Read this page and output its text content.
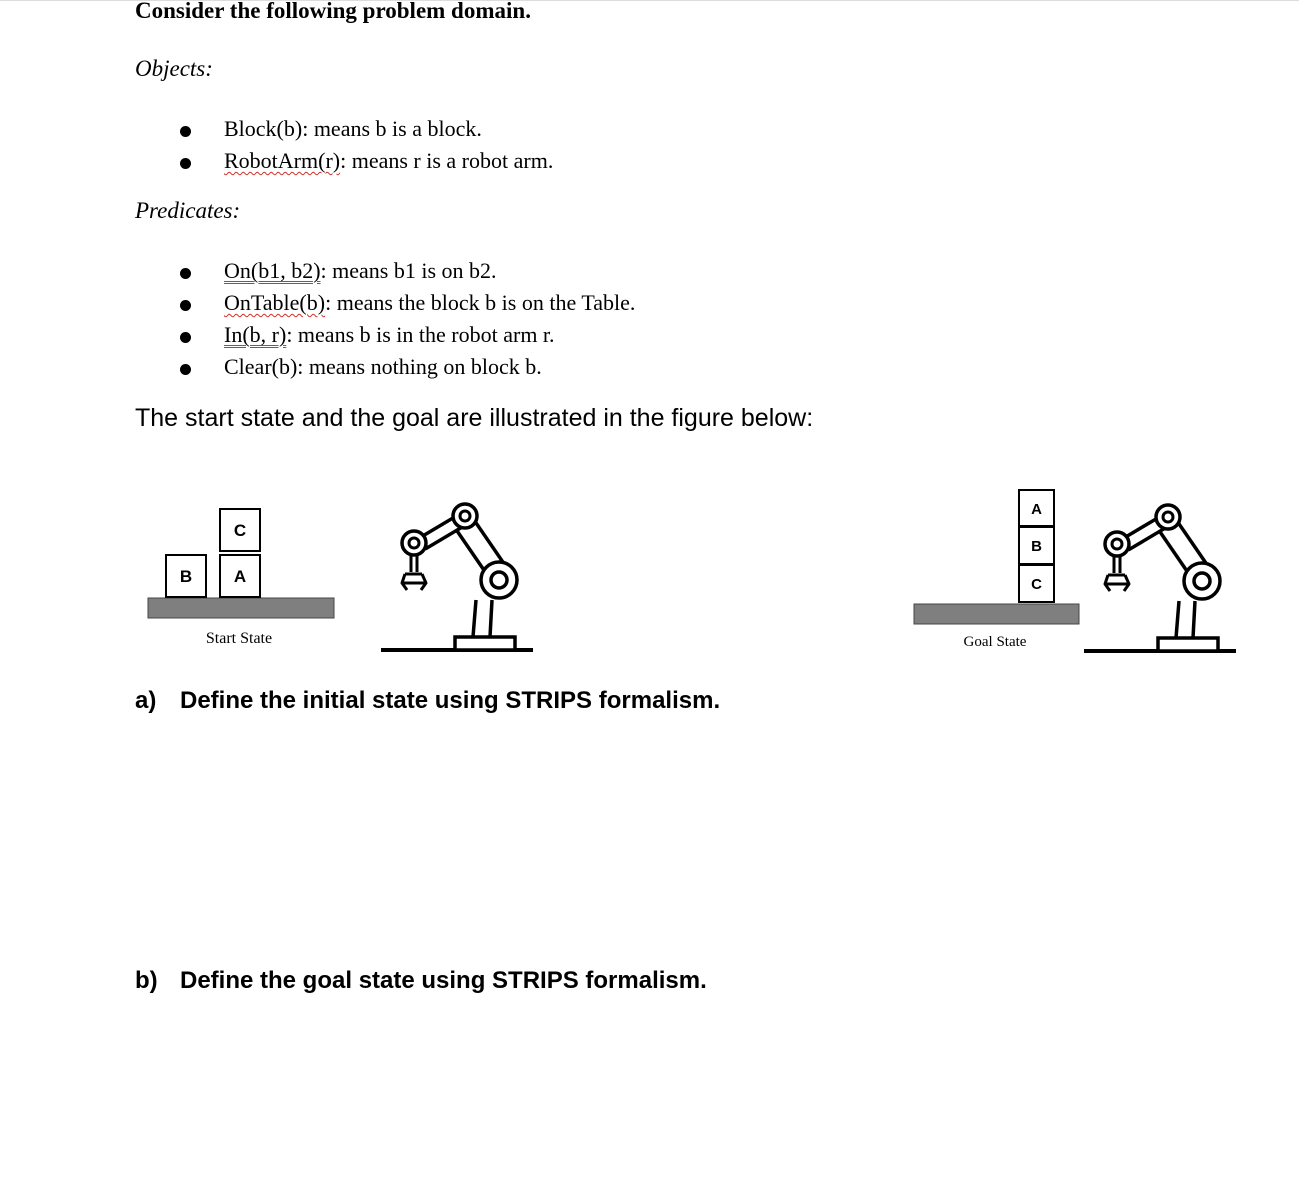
Consider the following problem domain.
Objects:
Block(b): means b is a block.
RobotArm(r): means r is a robot arm.
Predicates:
On(b1, b2): means b1 is on b2.
OnTable(b): means the block b is on the Table.
In(b, r): means b is in the robot arm r.
Clear(b): means nothing on block b.
The start state and the goal are illustrated in the figure below:
C
B A
Start State
A
B
C
Goal State
a) Define the initial state using STRIPS formalism.
b) Define the goal state using STRIPS formalism.
